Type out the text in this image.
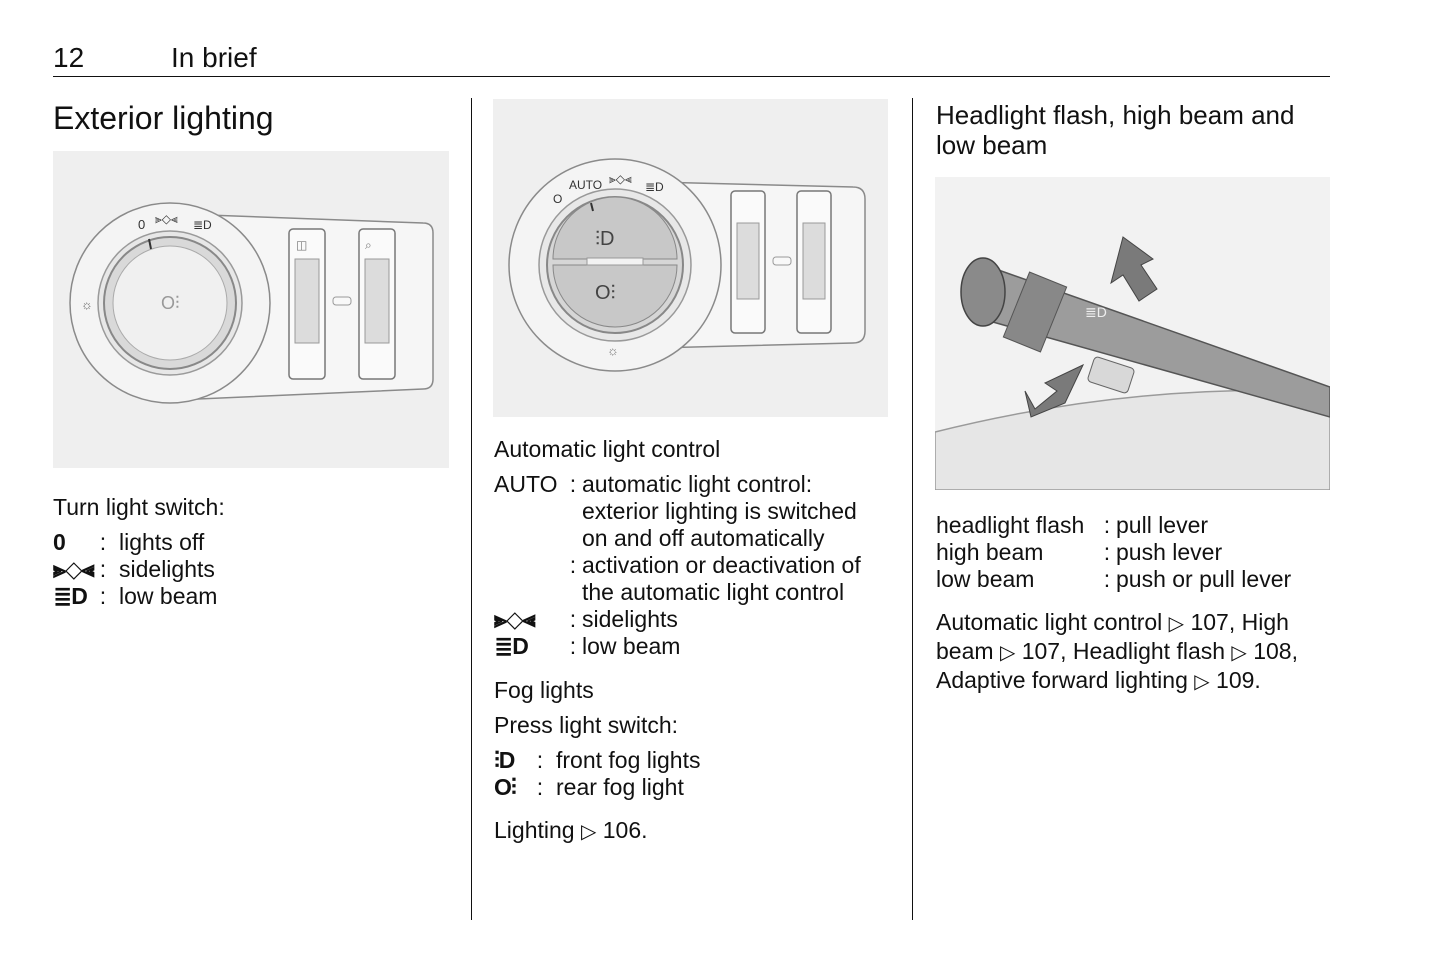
12	In brief
Exterior lighting
0 ⫸◇⫷ ≣D
☼	O⫶
◫	⌕
Turn light switch:
0	: lights off
⫸◇⫷ : sidelights
≣D : low beam
⫶D
O⫶
O
AUTO ⫸◇⫷
≣D
☼
Automatic light control
AUTO : automatic light control: exterior lighting is switched on and off automatically
: activation or deactivation of the automatic light control
⫸◇⫷	: sidelights
≣D	: low beam
Fog lights
Press light switch:
⫶D : front fog lights
O⫶ : rear fog light
Lighting ▷ 106.
Headlight flash, high beam and low beam
≣D
headlight flash : pull lever
high beam	: push lever
low beam	: push or pull lever
Automatic light control ▷ 107, High
beam ▷ 107, Headlight flash ▷ 108,
Adaptive forward lighting ▷ 109.
